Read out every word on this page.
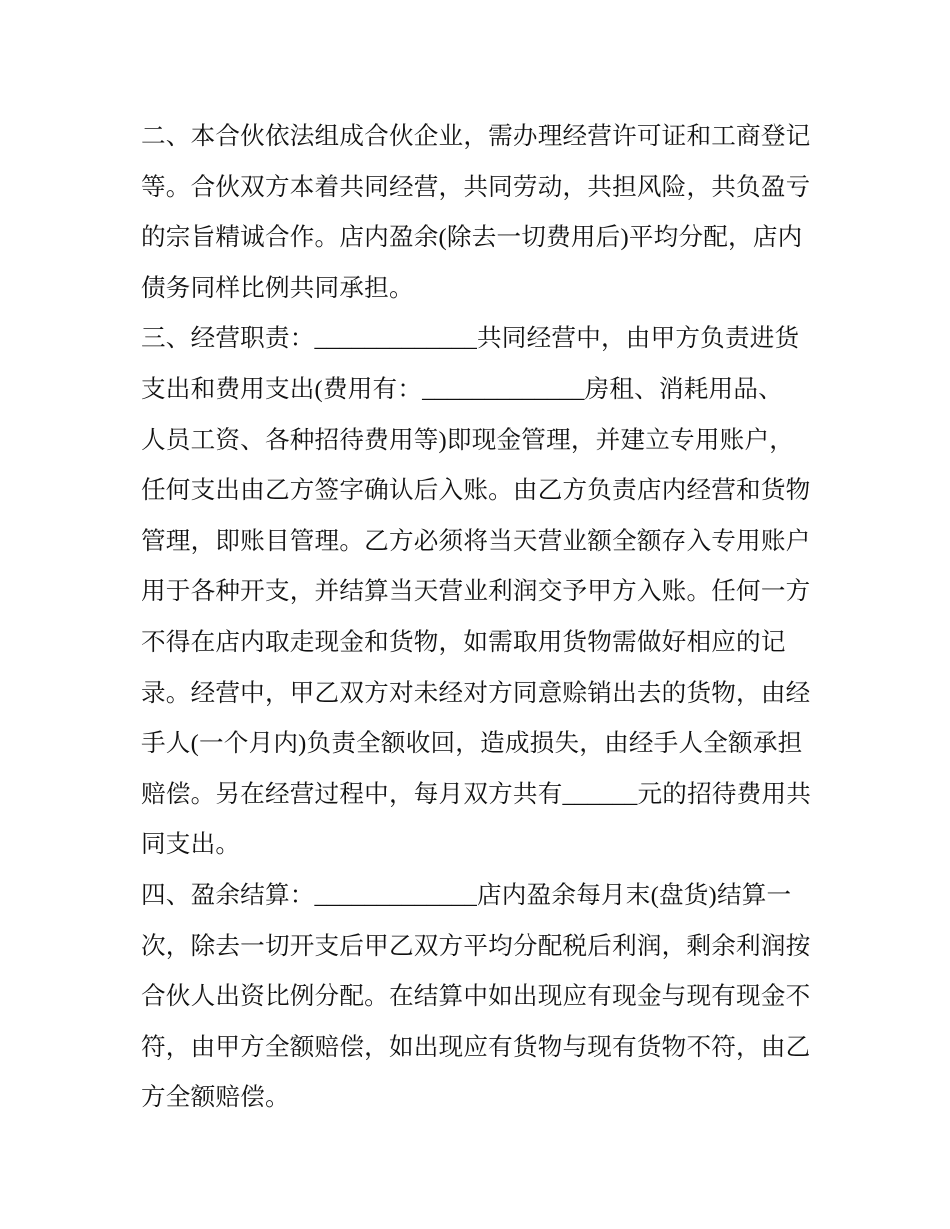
二、本合伙依法组成合伙企业，需办理经营许可证和工商登记
等。合伙双方本着共同经营，共同劳动，共担风险，共负盈亏
的宗旨精诚合作。店内盈余(除去一切费用后)平均分配，店内
债务同样比例共同承担。
三、经营职责：_____________共同经营中，由甲方负责进货
支出和费用支出(费用有：_____________房租、消耗用品、
人员工资、各种招待费用等)即现金管理，并建立专用账户，
任何支出由乙方签字确认后入账。由乙方负责店内经营和货物
管理，即账目管理。乙方必须将当天营业额全额存入专用账户
用于各种开支，并结算当天营业利润交予甲方入账。任何一方
不得在店内取走现金和货物，如需取用货物需做好相应的记
录。经营中，甲乙双方对未经对方同意赊销出去的货物，由经
手人(一个月内)负责全额收回，造成损失，由经手人全额承担
赔偿。另在经营过程中，每月双方共有______元的招待费用共
同支出。
四、盈余结算：_____________店内盈余每月末(盘货)结算一
次，除去一切开支后甲乙双方平均分配税后利润，剩余利润按
合伙人出资比例分配。在结算中如出现应有现金与现有现金不
符，由甲方全额赔偿，如出现应有货物与现有货物不符，由乙
方全额赔偿。
